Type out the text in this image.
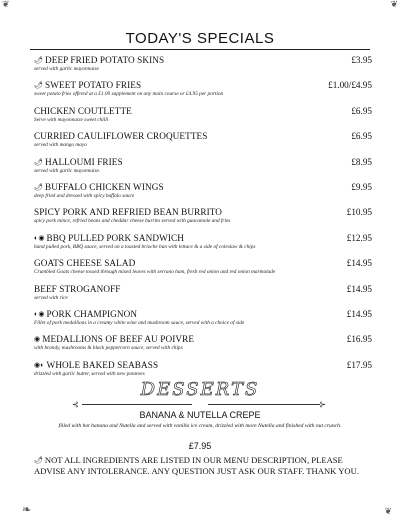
❦	❦
❧	❦
TODAY'S SPECIALS
🌶 DEEP FRIED POTATO SKINS	£3.95
served with garlic mayonnaise
🌶 SWEET POTATO FRIES	£1.00/£4.95
sweet potato fries offered at a £1.00 supplement on any main course or £4.95 per portion
CHICKEN COUTLETTE	£6.95
Serve with mayonnaise sweet chilli
CURRIED CAULIFLOWER CROQUETTES	£6.95
served with mango mayo
🌶 HALLOUMI FRIES	£8.95
served with garlic mayonnaise.
🌶 BUFFALO CHICKEN WINGS	£9.95
deep fried and dressed with spicy buffalo sauce
SPICY PORK AND REFRIED BEAN BURRITO	£10.95
spicy pork mince, refried beans and cheddar cheese burrito served with guacamole and fries
◐◉ BBQ PULLED PORK SANDWICH	£12.95
hand pulled pork, BBQ sauce, served on a toasted brioche bun with lettuce & a side of coleslaw & chips
GOATS CHEESE SALAD	£14.95
Crumbled Goats cheese tossed through mixed leaves with serrano ham, fresh red onion and red onion marmalade
BEEF STROGANOFF	£14.95
served with rice
◐◉ PORK CHAMPIGNON	£14.95
Fillet of pork medallions in a creamy white wine and mushroom sauce, served with a choice of side
◉ MEDALLIONS OF BEEF AU POIVRE	£16.95
with brandy, mushrooms & black peppercorn sauce, served with chips
◉◐ WHOLE BAKED SEABASS	£17.95
drizzled with garlic butter, served with new potatoes
DESSERTS
⊰	⊱
BANANA & NUTELLA CREPE
filled with hot banana and Nutella and served with vanilla ice cream, drizzled with more Nutella and finished with nut crunch.
£7.95
🌶 NOT ALL INGREDIENTS ARE LISTED IN OUR MENU DESCRIPTION, PLEASE ADVISE ANY INTOLERANCE. ANY QUESTION JUST ASK OUR STAFF. THANK YOU.
